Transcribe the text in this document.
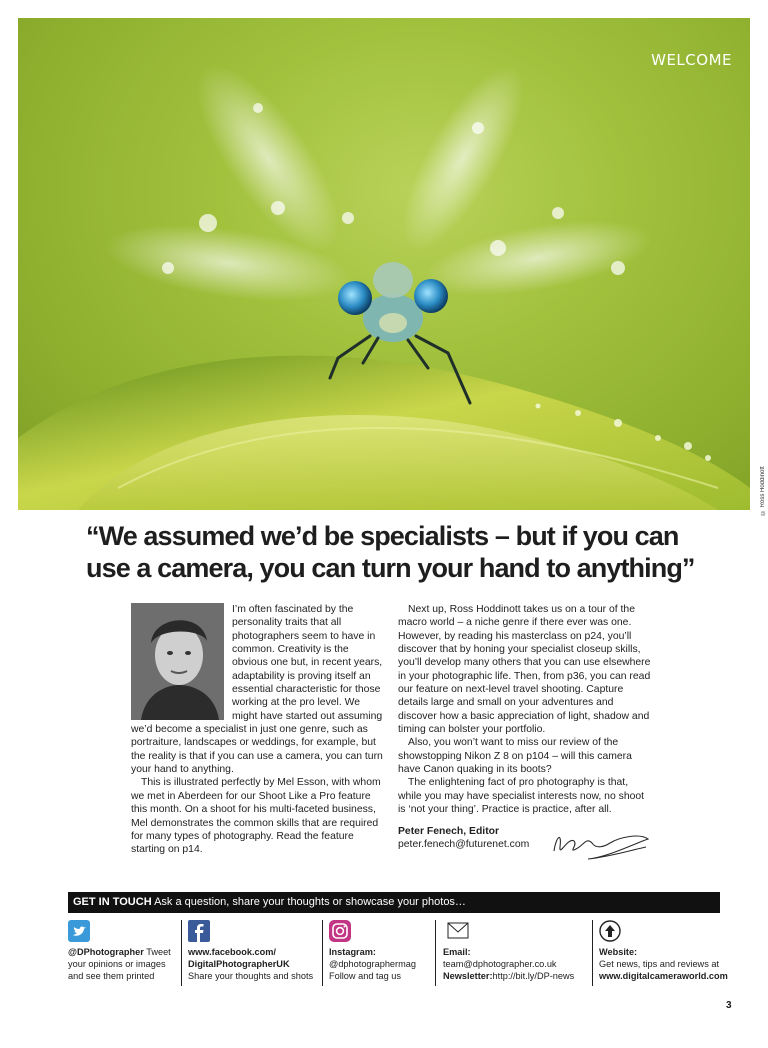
WELCOME
© Ross Hoddinott
“We assumed we’d be specialists – but if you can
use a camera, you can turn your hand to anything”

I’m often fascinated by the personality traits that all photographers seem to have in common. Creativity is the obvious one but, in recent years, adaptability is proving itself an essential characteristic for those working at the pro level. We might have started out assuming we’d become a specialist in just one genre, such as portraiture, landscapes or weddings, for example, but the reality is that if you can use a camera, you can turn your hand to anything.

This is illustrated perfectly by Mel Esson, with whom we met in Aberdeen for our Shoot Like a Pro feature this month. On a shoot for his multi-faceted business, Mel demonstrates the common skills that are required for many types of photography. Read the feature starting on p14.

Next up, Ross Hoddinott takes us on a tour of the macro world – a niche genre if there ever was one. However, by reading his masterclass on p24, you’ll discover that by honing your specialist closeup skills, you’ll develop many others that you can use elsewhere in your photographic life. Then, from p36, you can read our feature on next-level travel shooting. Capture details large and small on your adventures and discover how a basic appreciation of light, shadow and timing can bolster your portfolio.

Also, you won’t want to miss our review of the showstopping Nikon Z 8 on p104 – will this camera have Canon quaking in its boots?

The enlightening fact of pro photography is that, while you may have specialist interests now, no shoot is ‘not your thing’. Practice is practice, after all.

Peter Fenech, Editor
peter.fenech@futurenet.com
GET IN TOUCH Ask a question, share your thoughts or showcase your photos…
@DPhotographer Tweet
your opinions or images
and see them printed
www.facebook.com/
DigitalPhotographerUK
Share your thoughts and shots
Instagram:
@dphotographermag
Follow and tag us
Email:
team@dphotographer.co.uk
Newsletter:http://bit.ly/DP-news
Website:
Get news, tips and reviews at
www.digitalcameraworld.com
3
